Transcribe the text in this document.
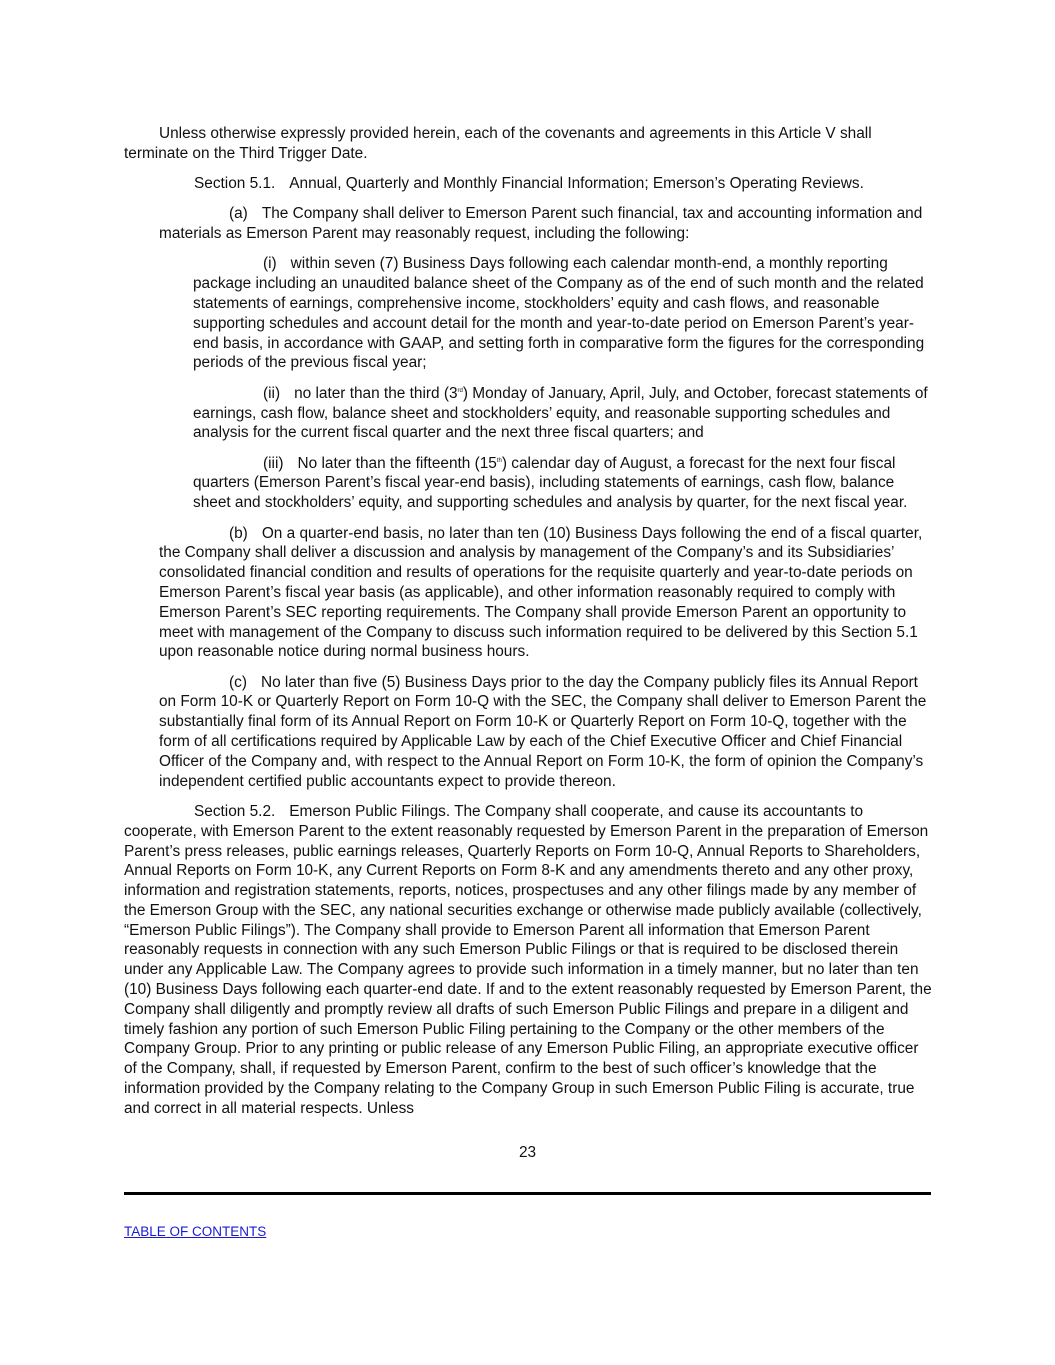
Unless otherwise expressly provided herein, each of the covenants and agreements in this Article V shall terminate on the Third Trigger Date.

Section 5.1. Annual, Quarterly and Monthly Financial Information; Emerson’s Operating Reviews.

(a) The Company shall deliver to Emerson Parent such financial, tax and accounting information and materials as Emerson Parent may reasonably request, including the following:

(i) within seven (7) Business Days following each calendar month-end, a monthly reporting package including an unaudited balance sheet of the Company as of the end of such month and the related statements of earnings, comprehensive income, stockholders’ equity and cash flows, and reasonable supporting schedules and account detail for the month and year-to-date period on Emerson Parent’s year-end basis, in accordance with GAAP, and setting forth in comparative form the figures for the corresponding periods of the previous fiscal year;

(ii) no later than the third (3rd) Monday of January, April, July, and October, forecast statements of earnings, cash flow, balance sheet and stockholders’ equity, and reasonable supporting schedules and analysis for the current fiscal quarter and the next three fiscal quarters; and

(iii) No later than the fifteenth (15th) calendar day of August, a forecast for the next four fiscal quarters (Emerson Parent’s fiscal year-end basis), including statements of earnings, cash flow, balance sheet and stockholders’ equity, and supporting schedules and analysis by quarter, for the next fiscal year.

(b) On a quarter-end basis, no later than ten (10) Business Days following the end of a fiscal quarter, the Company shall deliver a discussion and analysis by management of the Company’s and its Subsidiaries’ consolidated financial condition and results of operations for the requisite quarterly and year-to-date periods on Emerson Parent’s fiscal year basis (as applicable), and other information reasonably required to comply with Emerson Parent’s SEC reporting requirements. The Company shall provide Emerson Parent an opportunity to meet with management of the Company to discuss such information required to be delivered by this Section 5.1 upon reasonable notice during normal business hours.

(c) No later than five (5) Business Days prior to the day the Company publicly files its Annual Report on Form 10-K or Quarterly Report on Form 10-Q with the SEC, the Company shall deliver to Emerson Parent the substantially final form of its Annual Report on Form 10-K or Quarterly Report on Form 10-Q, together with the form of all certifications required by Applicable Law by each of the Chief Executive Officer and Chief Financial Officer of the Company and, with respect to the Annual Report on Form 10-K, the form of opinion the Company’s independent certified public accountants expect to provide thereon.

Section 5.2. Emerson Public Filings. The Company shall cooperate, and cause its accountants to cooperate, with Emerson Parent to the extent reasonably requested by Emerson Parent in the preparation of Emerson Parent’s press releases, public earnings releases, Quarterly Reports on Form 10-Q, Annual Reports to Shareholders, Annual Reports on Form 10-K, any Current Reports on Form 8-K and any amendments thereto and any other proxy, information and registration statements, reports, notices, prospectuses and any other filings made by any member of the Emerson Group with the SEC, any national securities exchange or otherwise made publicly available (collectively, “Emerson Public Filings”). The Company shall provide to Emerson Parent all information that Emerson Parent reasonably requests in connection with any such Emerson Public Filings or that is required to be disclosed therein under any Applicable Law. The Company agrees to provide such information in a timely manner, but no later than ten (10) Business Days following each quarter-end date. If and to the extent reasonably requested by Emerson Parent, the Company shall diligently and promptly review all drafts of such Emerson Public Filings and prepare in a diligent and timely fashion any portion of such Emerson Public Filing pertaining to the Company or the other members of the Company Group. Prior to any printing or public release of any Emerson Public Filing, an appropriate executive officer of the Company, shall, if requested by Emerson Parent, confirm to the best of such officer’s knowledge that the information provided by the Company relating to the Company Group in such Emerson Public Filing is accurate, true and correct in all material respects. Unless

23
TABLE OF CONTENTS
